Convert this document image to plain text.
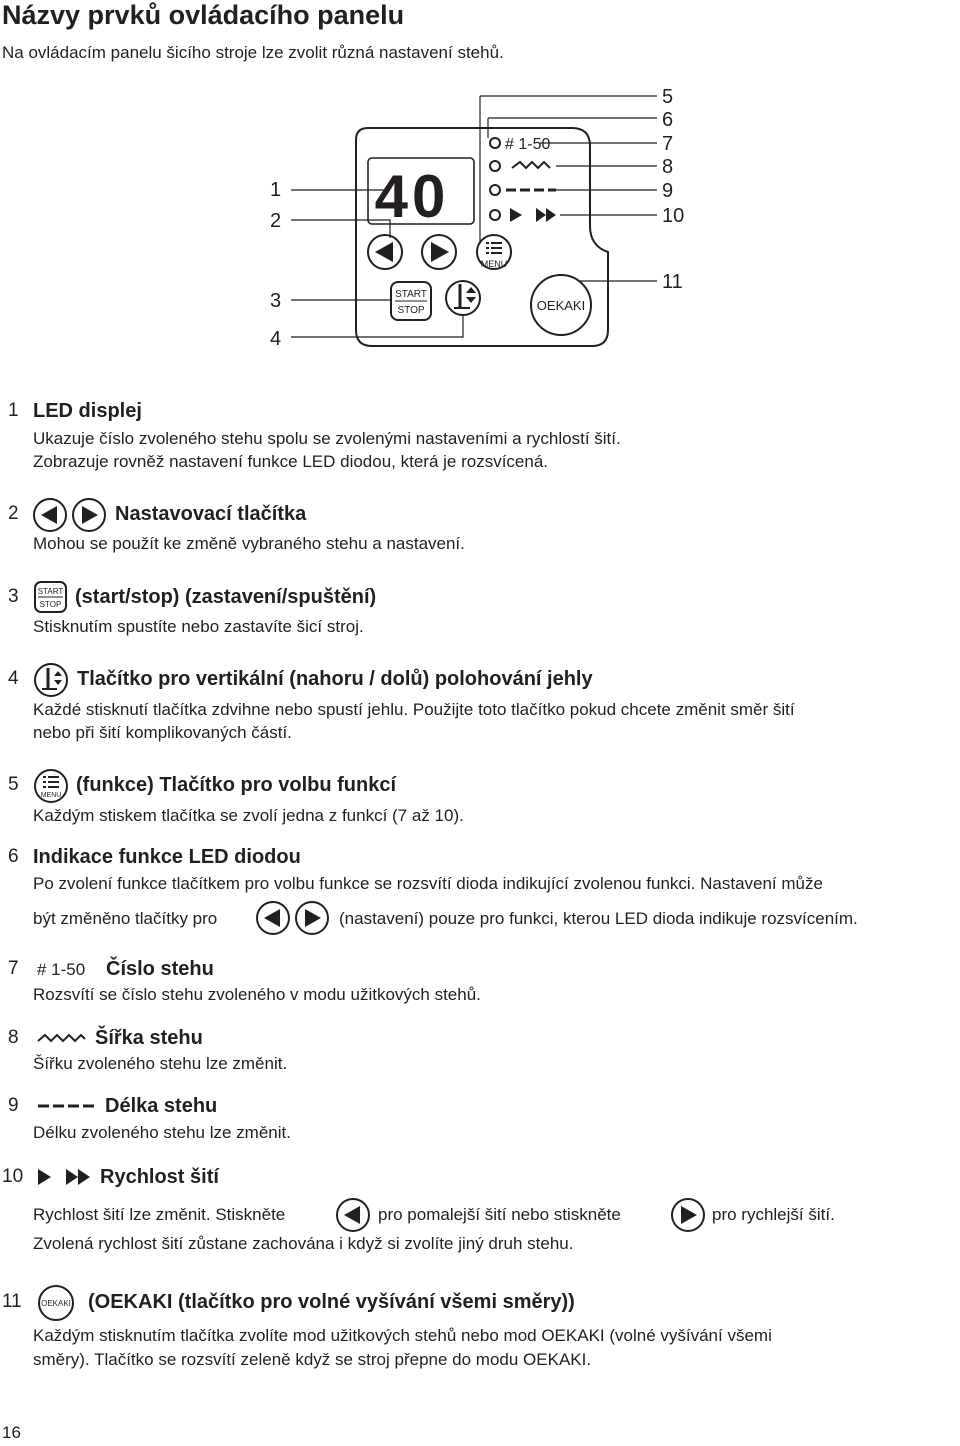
Názvy prvků ovládacího panelu
Na ovládacím panelu šicího stroje lze zvolit různá nastavení stehů.
40
# 1-50
MENU
START
STOP	OEKAKI
1
2
3
4
5
6
7
8
9
10
11
1 LED displej
Ukazuje číslo zvoleného stehu spolu se zvolenými nastaveními a rychlostí šití.
Zobrazuje rovněž nastavení funkce LED diodou, která je rozsvícená.
2	Nastavovací tlačítka
Mohou se použít ke změně vybraného stehu a nastavení.
3 START
STOP (start/stop) (zastavení/spuštění)
Stisknutím spustíte nebo zastavíte šicí stroj.
4	Tlačítko pro vertikální (nahoru / dolů) polohování jehly
Každé stisknutí tlačítka zdvihne nebo spustí jehlu. Použijte toto tlačítko pokud chcete změnit směr šití
nebo při šití komplikovaných částí.
5
MENU (funkce) Tlačítko pro volbu funkcí
Každým stiskem tlačítka se zvolí jedna z funkcí (7 až 10).
6 Indikace funkce LED diodou
Po zvolení funkce tlačítkem pro volbu funkce se rozsvítí dioda indikující zvolenou funkci. Nastavení může
být změněno tlačítky pro	(nastavení) pouze pro funkci, kterou LED dioda indikuje rozsvícením.
7 # 1-50 Číslo stehu
Rozsvítí se číslo stehu zvoleného v modu užitkových stehů.
8	Šířka stehu
Šířku zvoleného stehu lze změnit.
9	Délka stehu
Délku zvoleného stehu lze změnit.
10	Rychlost šití
Rychlost šití lze změnit. Stiskněte	pro pomalejší šití nebo stiskněte	pro rychlejší šití.
Zvolená rychlost šití zůstane zachována i když si zvolíte jiný druh stehu.
11 OEKAKI (OEKAKI (tlačítko pro volné vyšívání všemi směry))
Každým stisknutím tlačítka zvolíte mod užitkových stehů nebo mod OEKAKI (volné vyšívání všemi
směry). Tlačítko se rozsvítí zeleně když se stroj přepne do modu OEKAKI.
16
